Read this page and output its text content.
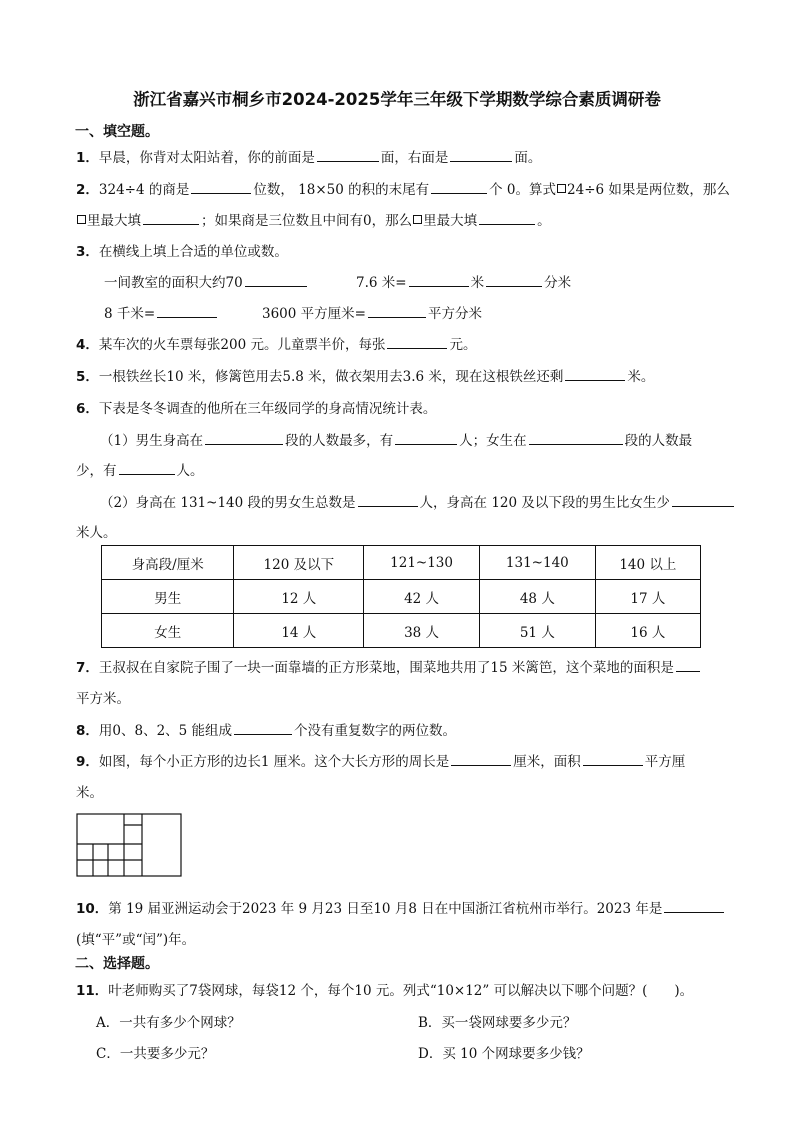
浙江省嘉兴市桐乡市2024-2025学年三年级下学期数学综合素质调研卷
一、填空题。
1．早晨，你背对太阳站着，你的前面是	面，右面是	面。
2．324÷4 的商是	位数， 18×50 的积的末尾有	个 0。算式 24÷6 如果是两位数，那么
里最大填	；如果商是三位数且中间有0，那么 里最大填	。
3．在横线上填上合适的单位或数。
一间教室的面积大约70	7.6 米=	米	分米
8 千米=	3600 平方厘米=	平方分米
4．某车次的火车票每张200 元。儿童票半价，每张	元。
5．一根铁丝长10 米，修篱笆用去5.8 米，做衣架用去3.6 米，现在这根铁丝还剩	米。
6．下表是冬冬调查的他所在三年级同学的身高情况统计表。
（1）男生身高在	段的人数最多，有	人；女生在	段的人数最
少，有	人。
（2）身高在 131~140 段的男女生总数是	人，身高在 120 及以下段的男生比女生少
米人。
身高段/厘米	120 及以下	121~130	131~140	140 以上
男生	12 人	42 人	48 人	17 人
女生	14 人	38 人	51 人	16 人
7．王叔叔在自家院子围了一块一面靠墙的正方形菜地，围菜地共用了15 米篱笆，这个菜地的面积是
平方米。
8．用0、8、2、5 能组成	个没有重复数字的两位数。
9．如图，每个小正方形的边长1 厘米。这个大长方形的周长是	厘米，面积	平方厘
米。
10．第 19 届亚洲运动会于2023 年 9 月23 日至10 月8 日在中国浙江省杭州市举行。2023 年是
(填“平”或“闰”)年。
二、选择题。
11．叶老师购买了7袋网球，每袋12 个，每个10 元。列式“10×12” 可以解决以下哪个问题？(　　)。
A．一共有多少个网球？	B．买一袋网球要多少元？
C．一共要多少元？	D．买 10 个网球要多少钱？
